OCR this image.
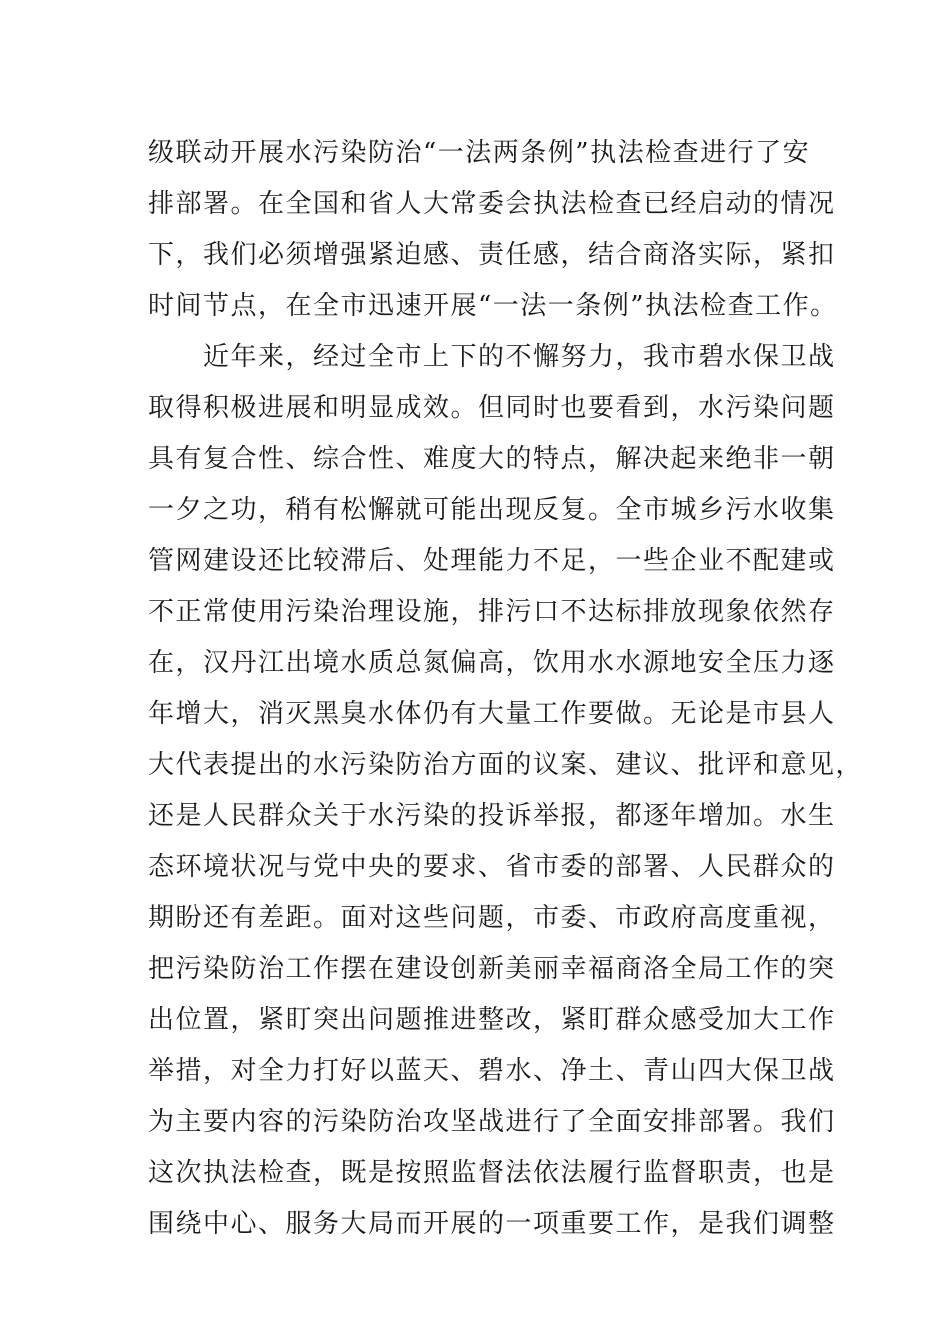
级联动开展水污染防治“一法两条例”执法检查进行了安
排部署。在全国和省人大常委会执法检查已经启动的情况
下，我们必须增强紧迫感、责任感，结合商洛实际，紧扣
时间节点，在全市迅速开展“一法一条例”执法检查工作。
近年来，经过全市上下的不懈努力，我市碧水保卫战
取得积极进展和明显成效。但同时也要看到，水污染问题
具有复合性、综合性、难度大的特点，解决起来绝非一朝
一夕之功，稍有松懈就可能出现反复。全市城乡污水收集
管网建设还比较滞后、处理能力不足，一些企业不配建或
不正常使用污染治理设施，排污口不达标排放现象依然存
在，汉丹江出境水质总氮偏高，饮用水水源地安全压力逐
年增大，消灭黑臭水体仍有大量工作要做。无论是市县人
大代表提出的水污染防治方面的议案、建议、批评和意见，
还是人民群众关于水污染的投诉举报，都逐年增加。水生
态环境状况与党中央的要求、省市委的部署、人民群众的
期盼还有差距。面对这些问题，市委、市政府高度重视，
把污染防治工作摆在建设创新美丽幸福商洛全局工作的突
出位置，紧盯突出问题推进整改，紧盯群众感受加大工作
举措，对全力打好以蓝天、碧水、净土、青山四大保卫战
为主要内容的污染防治攻坚战进行了全面安排部署。我们
这次执法检查，既是按照监督法依法履行监督职责，也是
围绕中心、服务大局而开展的一项重要工作，是我们调整
